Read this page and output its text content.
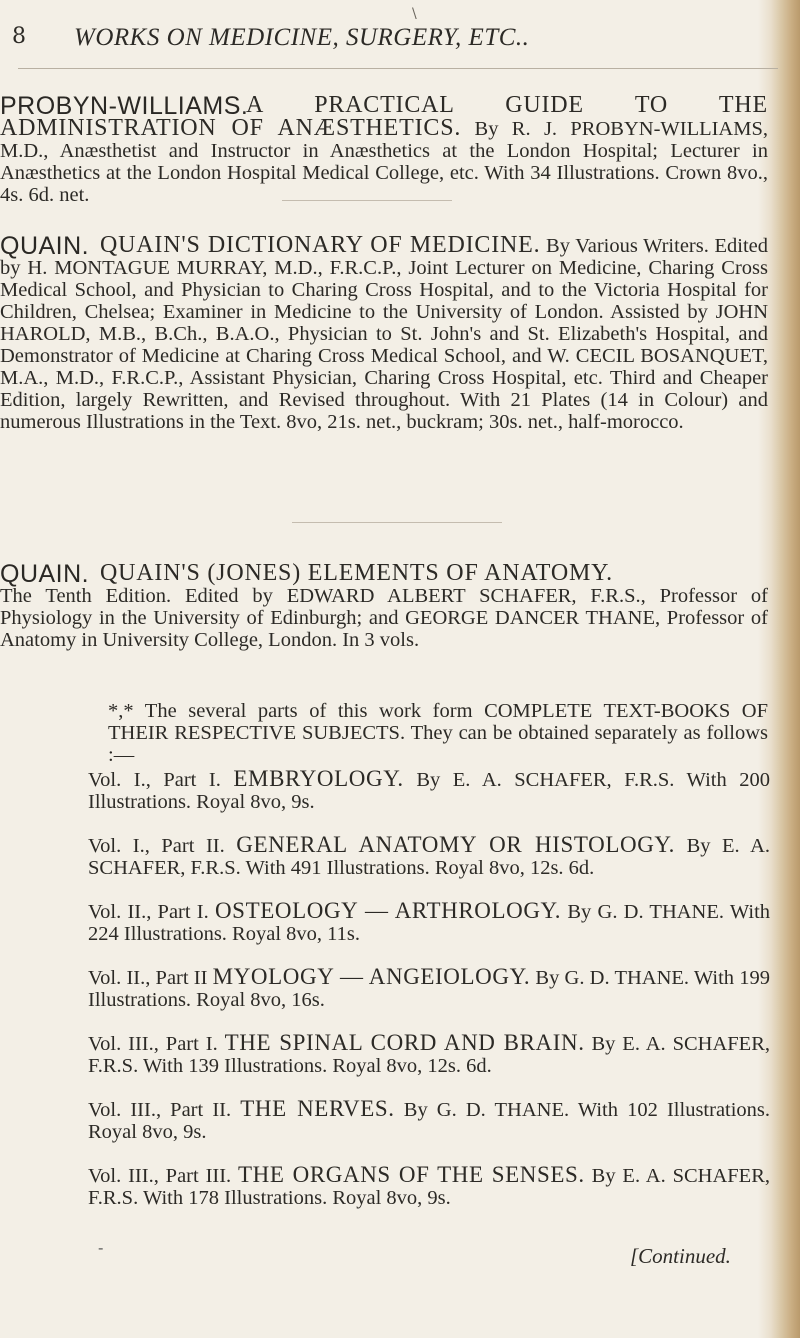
\
8 WORKS ON MEDICINE, SURGERY, ETC..
PROBYN-WILLIAMS.
A PRACTICAL GUIDE TO THE ADMINISTRATION OF ANÆSTHETICS. By R. J. PROBYN-WILLIAMS, M.D., Anæsthetist and Instructor in Anæsthetics at the London Hospital; Lecturer in Anæsthetics at the London Hospital Medical College, etc. With 34 Illustrations. Crown 8vo., 4s. 6d. net.
QUAIN. QUAIN'S DICTIONARY OF MEDICINE. By Various Writers. Edited by H. MONTAGUE MURRAY, M.D., F.R.C.P., Joint Lecturer on Medicine, Charing Cross Medical School, and Physician to Charing Cross Hospital, and to the Victoria Hospital for Children, Chelsea; Examiner in Medicine to the University of London. Assisted by JOHN HAROLD, M.B., B.Ch., B.A.O., Physician to St. John's and St. Elizabeth's Hospital, and Demonstrator of Medicine at Charing Cross Medical School, and W. CECIL BOSANQUET, M.A., M.D., F.R.C.P., Assistant Physician, Charing Cross Hospital, etc. Third and Cheaper Edition, largely Rewritten, and Revised throughout. With 21 Plates (14 in Colour) and numerous Illustrations in the Text. 8vo, 21s. net., buckram; 30s. net., half-morocco.
QUAIN. QUAIN'S (JONES) ELEMENTS OF ANATOMY.
The Tenth Edition. Edited by EDWARD ALBERT SCHAFER, F.R.S., Professor of Physiology in the University of Edinburgh; and GEORGE DANCER THANE, Professor of Anatomy in University College, London. In 3 vols.
*,* The several parts of this work form COMPLETE TEXT-BOOKS OF THEIR RESPECTIVE SUBJECTS. They can be obtained separately as follows :—
Vol. I., Part I. EMBRYOLOGY. By E. A. SCHAFER, F.R.S. With 200 Illustrations. Royal 8vo, 9s.
Vol. I., Part II. GENERAL ANATOMY OR HISTOLOGY. By E. A. SCHAFER, F.R.S. With 491 Illustrations. Royal 8vo, 12s. 6d.
Vol. II., Part I. OSTEOLOGY — ARTHROLOGY. By G. D. THANE. With 224 Illustrations. Royal 8vo, 11s.
Vol. II., Part II MYOLOGY — ANGEIOLOGY. By G. D. THANE. With 199 Illustrations. Royal 8vo, 16s.
Vol. III., Part I. THE SPINAL CORD AND BRAIN. By E. A. SCHAFER, F.R.S. With 139 Illustrations. Royal 8vo, 12s. 6d.
Vol. III., Part II. THE NERVES. By G. D. THANE. With 102 Illustrations. Royal 8vo, 9s.
Vol. III., Part III. THE ORGANS OF THE SENSES. By E. A. SCHAFER, F.R.S. With 178 Illustrations. Royal 8vo, 9s.
-	[Continued.
